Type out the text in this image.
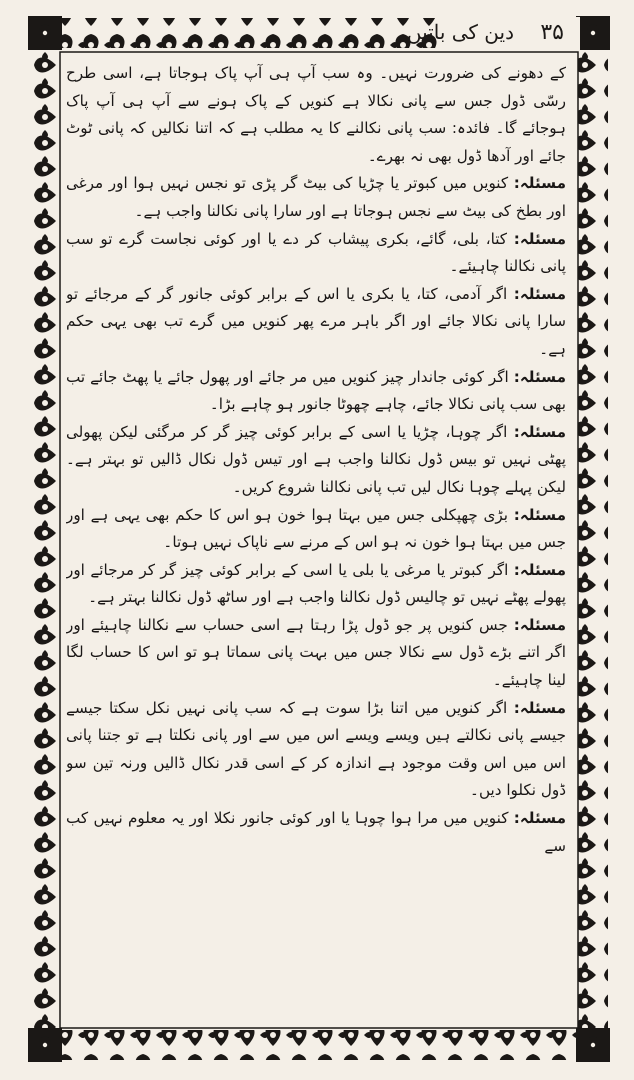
۳۵
دین کی باتیں

کے دھونے کی ضرورت نہیں۔ وہ سب آپ ہی آپ پاک ہوجاتا ہے، اسی طرح رسّی ڈول جس سے پانی نکالا ہے کنویں کے پاک ہونے سے آپ ہی آپ پاک ہوجائے گا۔ فائدہ: سب پانی نکالنے کا یہ مطلب ہے کہ اتنا نکالیں کہ پانی ٹوٹ جائے اور آدھا ڈول بھی نہ بھرے۔

مسئلہ: کنویں میں کبوتر یا چڑیا کی بیٹ گر پڑی تو نجس نہیں ہوا اور مرغی اور بطخ کی بیٹ سے نجس ہوجاتا ہے اور سارا پانی نکالنا واجب ہے۔

مسئلہ: کتا، بلی، گائے، بکری پیشاب کر دے یا اور کوئی نجاست گرے تو سب پانی نکالنا چاہیئے۔

مسئلہ: اگر آدمی، کتا، یا بکری یا اس کے برابر کوئی جانور گر کے مرجائے تو سارا پانی نکالا جائے اور اگر باہر مرے پھر کنویں میں گرے تب بھی یہی حکم ہے۔

مسئلہ: اگر کوئی جاندار چیز کنویں میں مر جائے اور پھول جائے یا پھٹ جائے تب بھی سب پانی نکالا جائے، چاہے چھوٹا جانور ہو چاہے بڑا۔

مسئلہ: اگر چوہا، چڑیا یا اسی کے برابر کوئی چیز گر کر مرگئی لیکن پھولی پھٹی نہیں تو بیس ڈول نکالنا واجب ہے اور تیس ڈول نکال ڈالیں تو بہتر ہے۔ لیکن پہلے چوہا نکال لیں تب پانی نکالنا شروع کریں۔

مسئلہ: بڑی چھپکلی جس میں بہتا ہوا خون ہو اس کا حکم بھی یہی ہے اور جس میں بہتا ہوا خون نہ ہو اس کے مرنے سے ناپاک نہیں ہوتا۔

مسئلہ: اگر کبوتر یا مرغی یا بلی یا اسی کے برابر کوئی چیز گر کر مرجائے اور پھولے پھٹے نہیں تو چالیس ڈول نکالنا واجب ہے اور ساٹھ ڈول نکالنا بہتر ہے۔

مسئلہ: جس کنویں پر جو ڈول پڑا رہتا ہے اسی حساب سے نکالنا چاہیئے اور اگر اتنے بڑے ڈول سے نکالا جس میں بہت پانی سماتا ہو تو اس کا حساب لگا لینا چاہیئے۔

مسئلہ: اگر کنویں میں اتنا بڑا سوت ہے کہ سب پانی نہیں نکل سکتا جیسے جیسے پانی نکالتے ہیں ویسے ویسے اس میں سے اور پانی نکلتا ہے تو جتنا پانی اس میں اس وقت موجود ہے اندازہ کر کے اسی قدر نکال ڈالیں ورنہ تین سو ڈول نکلوا دیں۔

مسئلہ: کنویں میں مرا ہوا چوہا یا اور کوئی جانور نکلا اور یہ معلوم نہیں کب سے
